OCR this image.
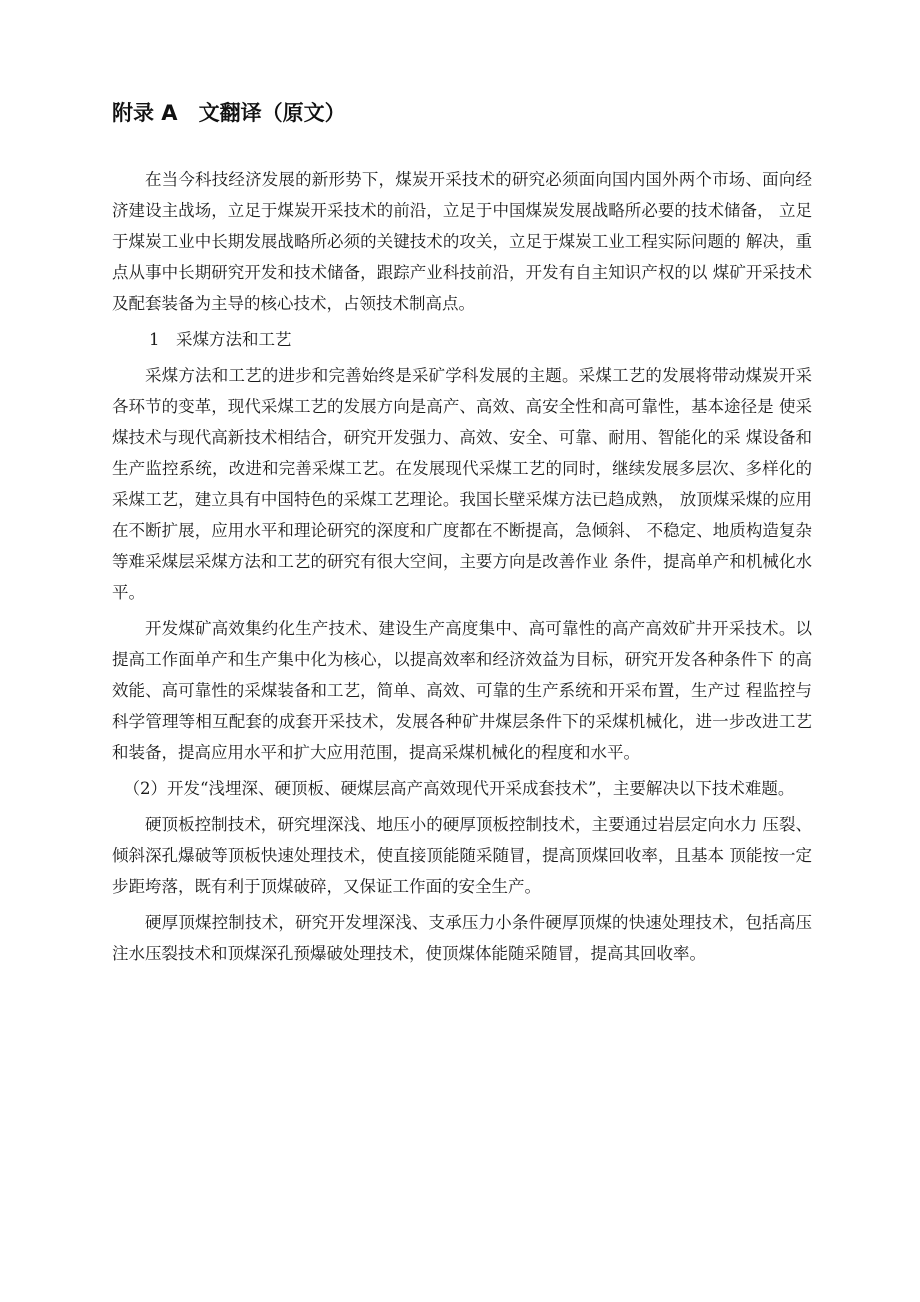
附录 A　文翻译（原文）

在当今科技经济发展的新形势下，煤炭开采技术的研究必须面向国内国外两个市场、面向经 济建设主战场，立足于煤炭开采技术的前沿，立足于中国煤炭发展战略所必要的技术储备， 立足于煤炭工业中长期发展战略所必须的关键技术的攻关，立足于煤炭工业工程实际问题的 解决，重点从事中长期研究开发和技术储备，跟踪产业科技前沿，开发有自主知识产权的以 煤矿开采技术及配套装备为主导的核心技术，占领技术制高点。

1　采煤方法和工艺

采煤方法和工艺的进步和完善始终是采矿学科发展的主题。采煤工艺的发展将带动煤炭开采 各环节的变革，现代采煤工艺的发展方向是高产、高效、高安全性和高可靠性，基本途径是 使采煤技术与现代高新技术相结合，研究开发强力、高效、安全、可靠、耐用、智能化的采 煤设备和生产监控系统，改进和完善采煤工艺。在发展现代采煤工艺的同时，继续发展多层次、多样化的采煤工艺，建立具有中国特色的采煤工艺理论。我国长壁采煤方法已趋成熟， 放顶煤采煤的应用在不断扩展，应用水平和理论研究的深度和广度都在不断提高，急倾斜、 不稳定、地质构造复杂等难采煤层采煤方法和工艺的研究有很大空间，主要方向是改善作业 条件，提高单产和机械化水平。

开发煤矿高效集约化生产技术、建设生产高度集中、高可靠性的高产高效矿井开采技术。以 提高工作面单产和生产集中化为核心，以提高效率和经济效益为目标，研究开发各种条件下 的高效能、高可靠性的采煤装备和工艺，简单、高效、可靠的生产系统和开采布置，生产过 程监控与科学管理等相互配套的成套开采技术，发展各种矿井煤层条件下的采煤机械化，进一步改进工艺和装备，提高应用水平和扩大应用范围，提高采煤机械化的程度和水平。

（2）开发“浅埋深、硬顶板、硬煤层高产高效现代开采成套技术”，主要解决以下技术难题。

硬顶板控制技术，研究埋深浅、地压小的硬厚顶板控制技术，主要通过岩层定向水力 压裂、倾斜深孔爆破等顶板快速处理技术，使直接顶能随采随冒，提高顶煤回收率，且基本 顶能按一定步距垮落，既有利于顶煤破碎，又保证工作面的安全生产。

硬厚顶煤控制技术，研究开发埋深浅、支承压力小条件硬厚顶煤的快速处理技术，包括高压 注水压裂技术和顶煤深孔预爆破处理技术，使顶煤体能随采随冒，提高其回收率。
